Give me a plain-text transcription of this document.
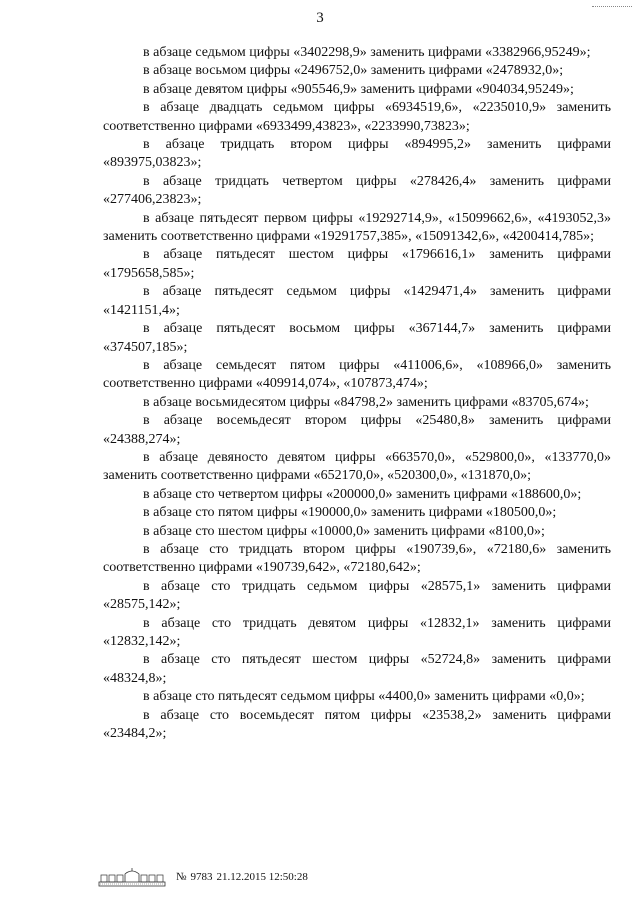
3

в абзаце седьмом цифры «3402298,9» заменить цифрами «3382966,95249»;

в абзаце восьмом цифры «2496752,0» заменить цифрами «2478932,0»;

в абзаце девятом цифры «905546,9» заменить цифрами «904034,95249»;

в абзаце двадцать седьмом цифры «6934519,6», «2235010,9» заменить соответственно цифрами «6933499,43823», «2233990,73823»;

в абзаце тридцать втором цифры «894995,2» заменить цифрами «893975,03823»;

в абзаце тридцать четвертом цифры «278426,4» заменить цифрами «277406,23823»;

в абзаце пятьдесят первом цифры «19292714,9», «15099662,6», «4193052,3» заменить соответственно цифрами «19291757,385», «15091342,6», «4200414,785»;

в абзаце пятьдесят шестом цифры «1796616,1» заменить цифрами «1795658,585»;

в абзаце пятьдесят седьмом цифры «1429471,4» заменить цифрами «1421151,4»;

в абзаце пятьдесят восьмом цифры «367144,7» заменить цифрами «374507,185»;

в абзаце семьдесят пятом цифры «411006,6», «108966,0» заменить соответственно цифрами «409914,074», «107873,474»;

в абзаце восьмидесятом цифры «84798,2» заменить цифрами «83705,674»;

в абзаце восемьдесят втором цифры «25480,8» заменить цифрами «24388,274»;

в абзаце девяносто девятом цифры «663570,0», «529800,0», «133770,0» заменить соответственно цифрами «652170,0», «520300,0», «131870,0»;

в абзаце сто четвертом цифры «200000,0» заменить цифрами «188600,0»;

в абзаце сто пятом цифры «190000,0» заменить цифрами «180500,0»;

в абзаце сто шестом цифры «10000,0» заменить цифрами «8100,0»;

в абзаце сто тридцать втором цифры «190739,6», «72180,6» заменить соответственно цифрами «190739,642», «72180,642»;

в абзаце сто тридцать седьмом цифры «28575,1» заменить цифрами «28575,142»;

в абзаце сто тридцать девятом цифры «12832,1» заменить цифрами «12832,142»;

в абзаце сто пятьдесят шестом цифры «52724,8» заменить цифрами «48324,8»;

в абзаце сто пятьдесят седьмом цифры «4400,0» заменить цифрами «0,0»;

в абзаце сто восемьдесят пятом цифры «23538,2» заменить цифрами «23484,2»;

№ 9783 21.12.2015 12:50:28
